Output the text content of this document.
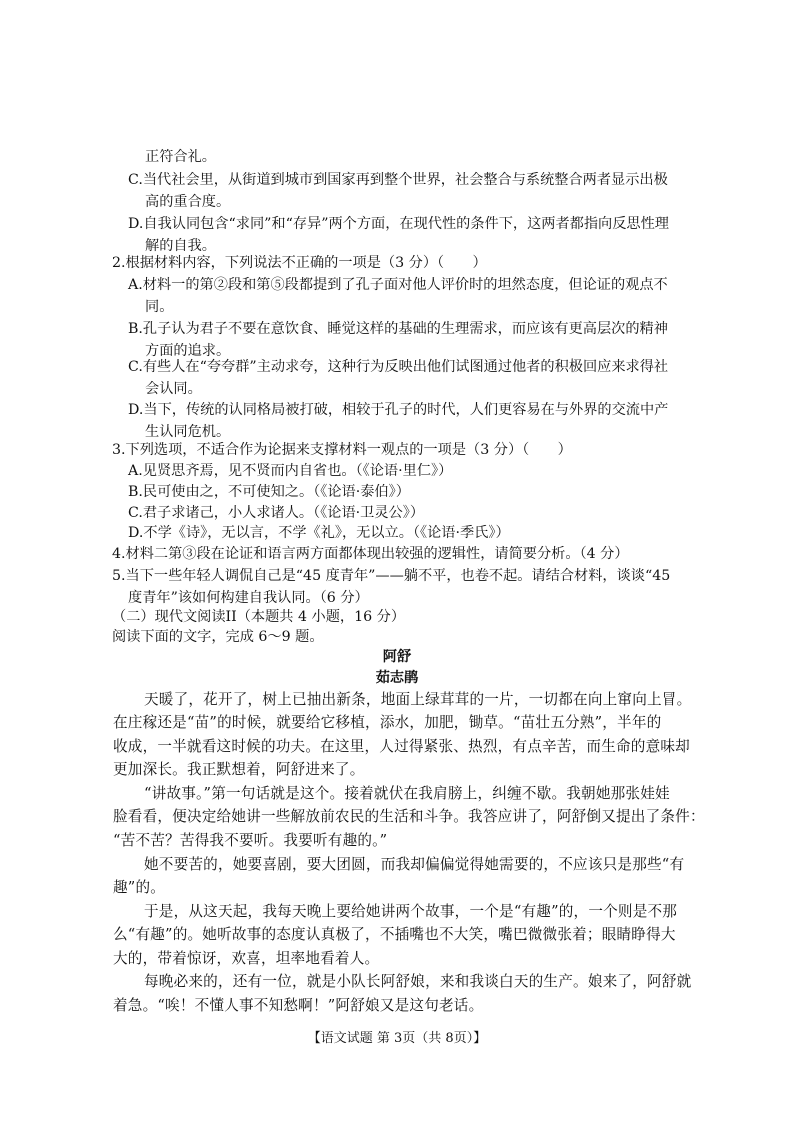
正符合礼。
C.当代社会里，从街道到城市到国家再到整个世界，社会整合与系统整合两者显示出极
高的重合度。
D.自我认同包含“求同”和“存异”两个方面，在现代性的条件下，这两者都指向反思性理
解的自我。
2.根据材料内容，下列说法不正确的一项是（3 分）（　　）
A.材料一的第②段和第⑤段都提到了孔子面对他人评价时的坦然态度，但论证的观点不
同。
B.孔子认为君子不要在意饮食、睡觉这样的基础的生理需求，而应该有更高层次的精神
方面的追求。
C.有些人在“夸夸群”主动求夸，这种行为反映出他们试图通过他者的积极回应来求得社
会认同。
D.当下，传统的认同格局被打破，相较于孔子的时代，人们更容易在与外界的交流中产
生认同危机。
3.下列选项，不适合作为论据来支撑材料一观点的一项是（3 分）（　　）
A.见贤思齐焉，见不贤而内自省也。（《论语·里仁》）
B.民可使由之，不可使知之。（《论语·泰伯》）
C.君子求诸己，小人求诸人。（《论语·卫灵公》）
D.不学《诗》，无以言，不学《礼》，无以立。（《论语·季氏》）
4.材料二第③段在论证和语言两方面都体现出较强的逻辑性，请简要分析。（4 分）
5.当下一些年轻人调侃自己是“45 度青年”——躺不平，也卷不起。请结合材料，谈谈“45
度青年”该如何构建自我认同。（6 分）
（二）现代文阅读II（本题共 4 小题，16 分）
阅读下面的文字，完成 6～9 题。
阿舒
茹志鹃
天暖了，花开了，树上已抽出新条，地面上绿茸茸的一片，一切都在向上窜向上冒。
在庄稼还是“苗”的时候，就要给它移植，添水，加肥，锄草。“苗壮五分熟”，半年的
收成，一半就看这时候的功夫。在这里，人过得紧张、热烈，有点辛苦，而生命的意味却
更加深长。我正默想着，阿舒进来了。
“讲故事。”第一句话就是这个。接着就伏在我肩膀上，纠缠不歇。我朝她那张娃娃
脸看看，便决定给她讲一些解放前农民的生活和斗争。我答应讲了，阿舒倒又提出了条件：
“苦不苦？苦得我不要听。我要听有趣的。”
她不要苦的，她要喜剧，要大团圆，而我却偏偏觉得她需要的，不应该只是那些“有
趣”的。
于是，从这天起，我每天晚上要给她讲两个故事，一个是“有趣”的，一个则是不那
么“有趣”的。她听故事的态度认真极了，不插嘴也不大笑，嘴巴微微张着；眼睛睁得大
大的，带着惊讶，欢喜，坦率地看着人。
每晚必来的，还有一位，就是小队长阿舒娘，来和我谈白天的生产。娘来了，阿舒就
着急。“唉！不懂人事不知愁啊！”阿舒娘又是这句老话。
【语文试题 第 3页（共 8页）】
